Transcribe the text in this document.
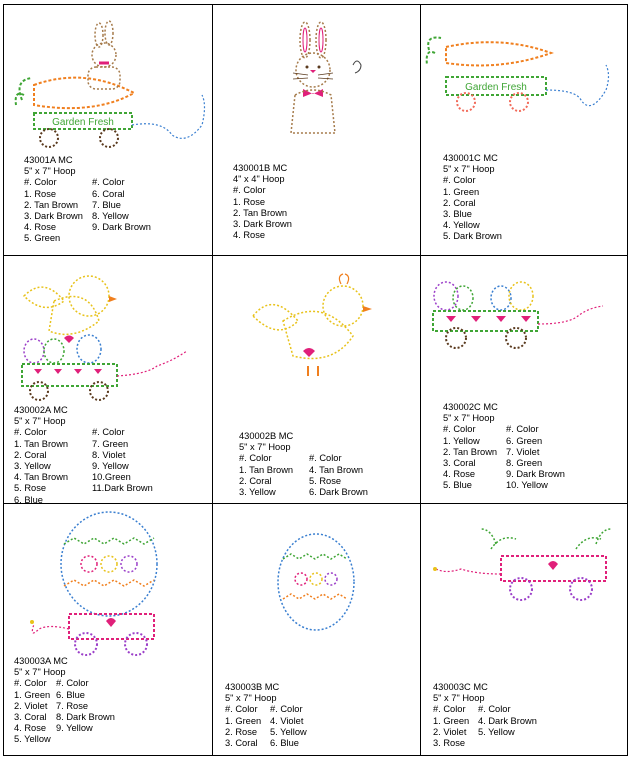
Garden Fresh
43001A MC
5" x 7" Hoop
#. Color
1. Rose
2. Tan Brown
3. Dark Brown
4. Rose
5. Green
#. Color
6. Coral
7. Blue
8. Yellow
9. Dark Brown
430001B MC
4" x 4" Hoop
#. Color
1. Rose
2. Tan Brown
3. Dark Brown
4. Rose
Garden Fresh
430001C MC
5" x 7" Hoop
#. Color
1. Green
2. Coral
3. Blue
4. Yellow
5. Dark Brown
430002A MC
5" x 7" Hoop
#. Color
1. Tan Brown
2. Coral
3. Yellow
4. Tan Brown
5. Rose
6. Blue
#. Color
7. Green
8. Violet
9. Yellow
10.Green
11.Dark Brown
430002B MC
5" x 7" Hoop
#. Color
1. Tan Brown
2. Coral
3. Yellow
#. Color
4. Tan Brown
5. Rose
6. Dark Brown
430002C MC
5" x 7" Hoop
#. Color
1. Yellow
2. Tan Brown
3. Coral
4. Rose
5. Blue
#. Color
6. Green
7. Violet
8. Green
9. Dark Brown
10. Yellow
430003A MC
5" x 7" Hoop
#. Color
1. Green
2. Violet
3. Coral
4. Rose
5. Yellow
#. Color
6. Blue
7. Rose
8. Dark Brown
9. Yellow
430003B MC
5" x 7" Hoop
#. Color
1. Green
2. Rose
3. Coral
#. Color
4. Violet
5. Yellow
6. Blue
430003C MC
5" x 7" Hoop
#. Color
1. Green
2. Violet
3. Rose
#. Color
4. Dark Brown
5. Yellow
